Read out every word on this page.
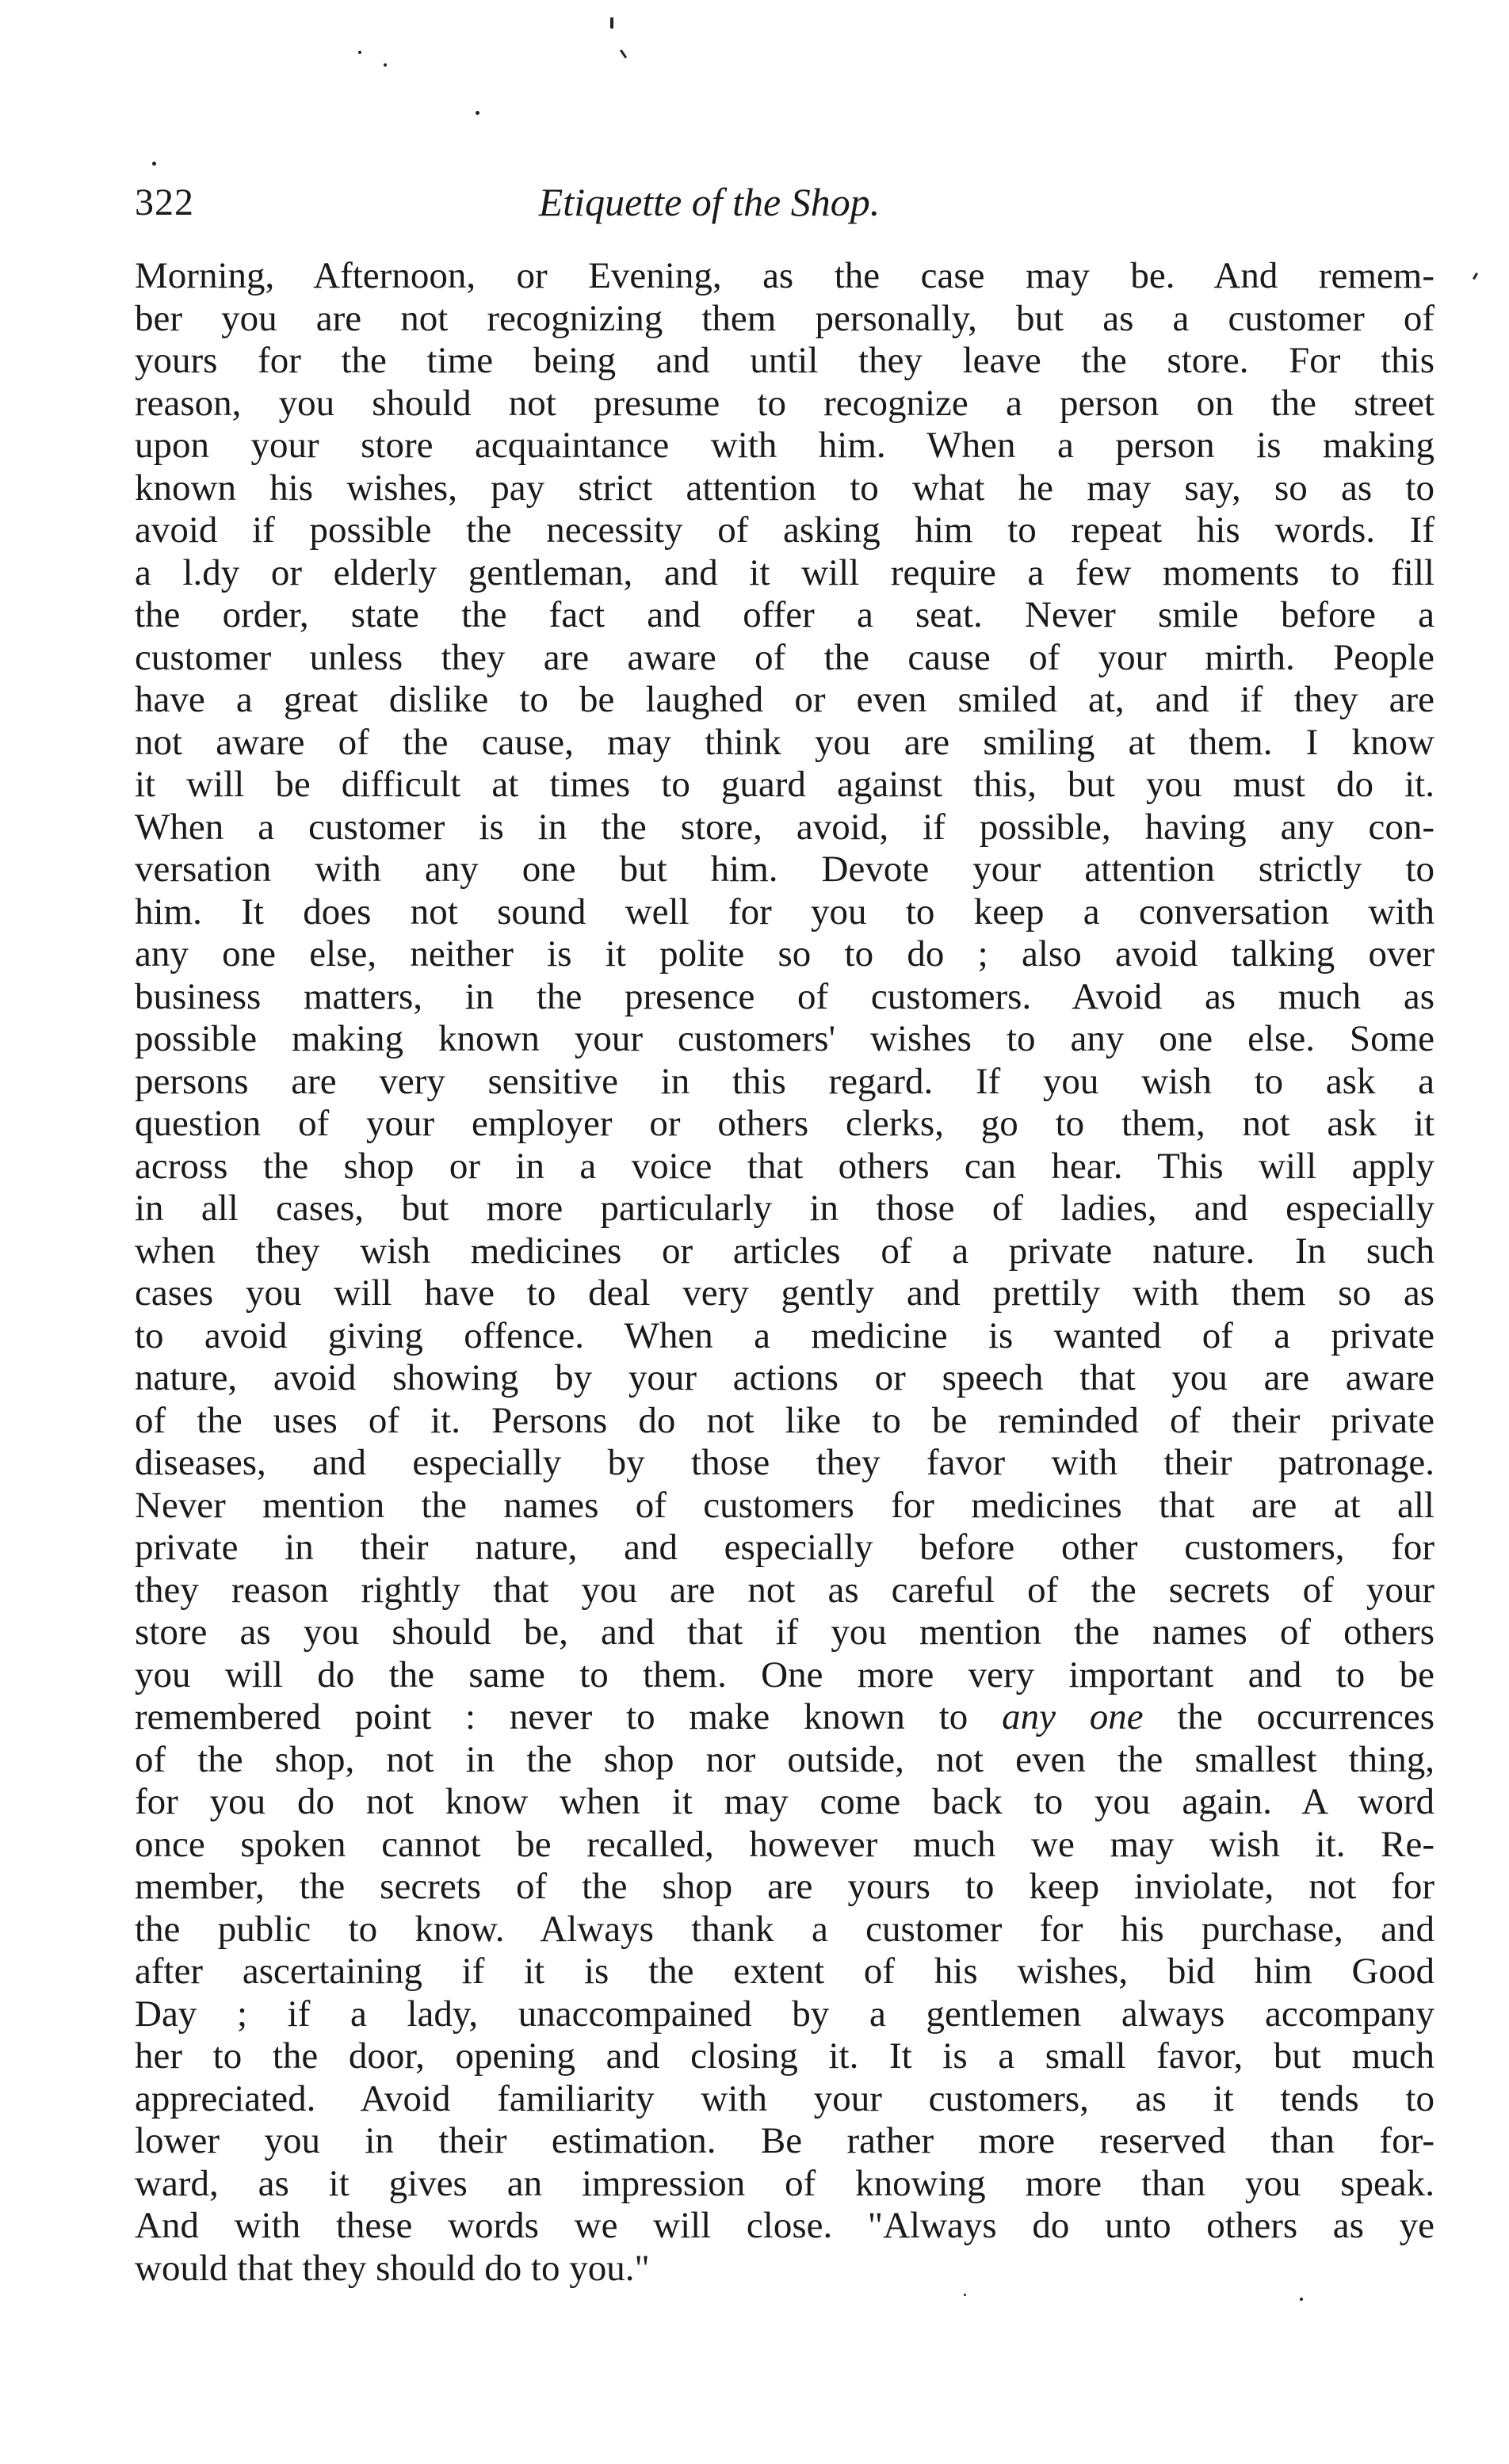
322	Etiquette of the Shop.
Morning, Afternoon, or Evening, as the case may be. And remem-
ber you are not recognizing them personally, but as a customer of
yours for the time being and until they leave the store. For this
reason, you should not presume to recognize a person on the street
upon your store acquaintance with him. When a person is making
known his wishes, pay strict attention to what he may say, so as to
avoid if possible the necessity of asking him to repeat his words. If
a l.dy or elderly gentleman, and it will require a few moments to fill
the order, state the fact and offer a seat. Never smile before a
customer unless they are aware of the cause of your mirth. People
have a great dislike to be laughed or even smiled at, and if they are
not aware of the cause, may think you are smiling at them. I know
it will be difficult at times to guard against this, but you must do it.
When a customer is in the store, avoid, if possible, having any con-
versation with any one but him. Devote your attention strictly to
him. It does not sound well for you to keep a conversation with
any one else, neither is it polite so to do ; also avoid talking over
business matters, in the presence of customers. Avoid as much as
possible making known your customers' wishes to any one else. Some
persons are very sensitive in this regard. If you wish to ask a
question of your employer or others clerks, go to them, not ask it
across the shop or in a voice that others can hear. This will apply
in all cases, but more particularly in those of ladies, and especially
when they wish medicines or articles of a private nature. In such
cases you will have to deal very gently and prettily with them so as
to avoid giving offence. When a medicine is wanted of a private
nature, avoid showing by your actions or speech that you are aware
of the uses of it. Persons do not like to be reminded of their private
diseases, and especially by those they favor with their patronage.
Never mention the names of customers for medicines that are at all
private in their nature, and especially before other customers, for
they reason rightly that you are not as careful of the secrets of your
store as you should be, and that if you mention the names of others
you will do the same to them. One more very important and to be
remembered point : never to make known to any one the occurrences
of the shop, not in the shop nor outside, not even the smallest thing,
for you do not know when it may come back to you again. A word
once spoken cannot be recalled, however much we may wish it. Re-
member, the secrets of the shop are yours to keep inviolate, not for
the public to know. Always thank a customer for his purchase, and
after ascertaining if it is the extent of his wishes, bid him Good
Day ; if a lady, unaccompained by a gentlemen always accompany
her to the door, opening and closing it. It is a small favor, but much
appreciated. Avoid familiarity with your customers, as it tends to
lower you in their estimation. Be rather more reserved than for-
ward, as it gives an impression of knowing more than you speak.
And with these words we will close. "Always do unto others as ye
would that they should do to you."
